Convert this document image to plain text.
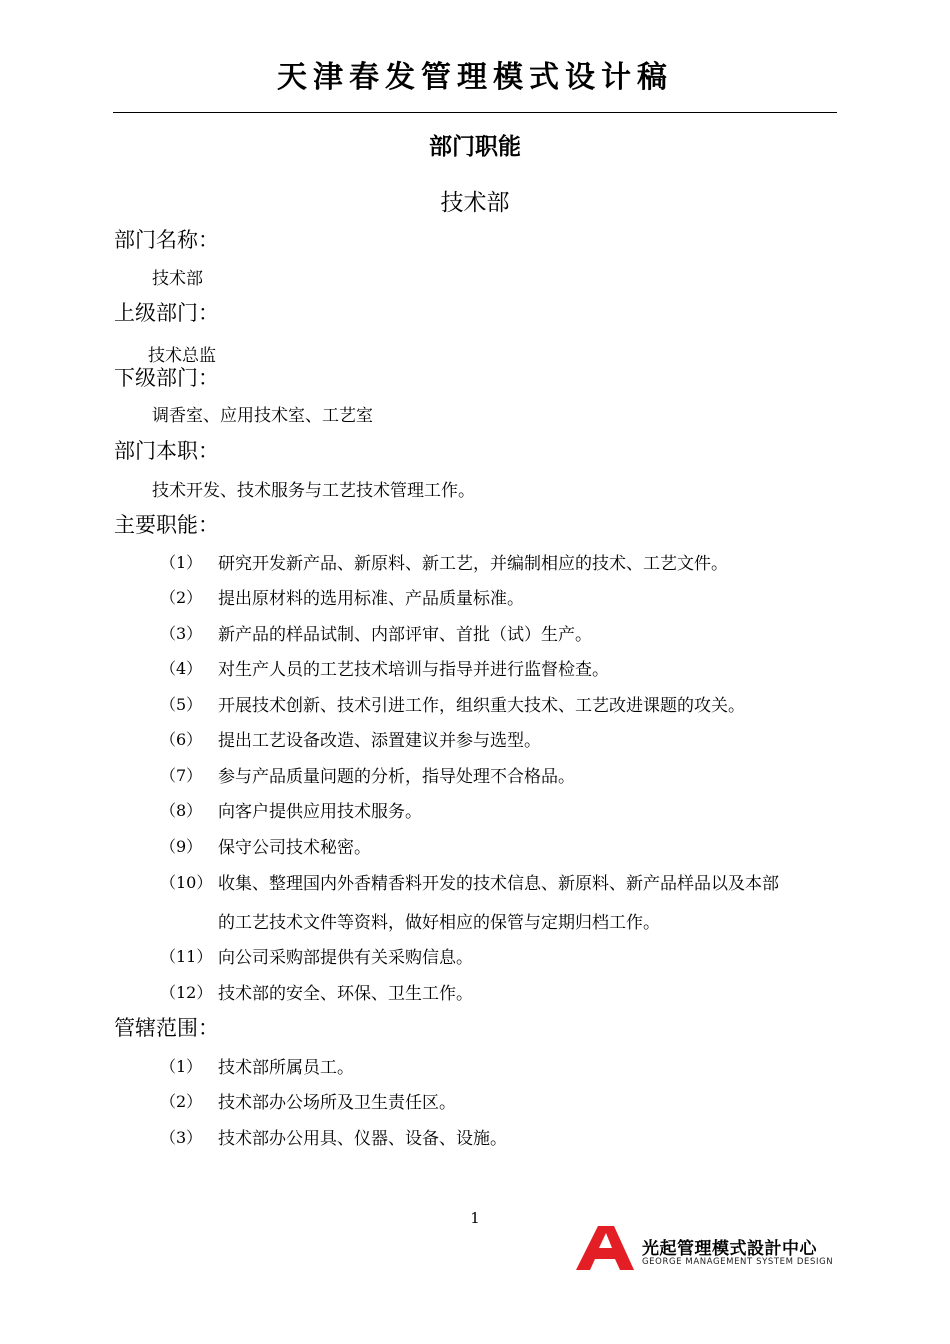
天津春发管理模式设计稿
部门职能
技术部
部门名称：
技术部
上级部门：
技术总监
下级部门：
调香室、应用技术室、工艺室
部门本职：
技术开发、技术服务与工艺技术管理工作。
主要职能：
（1） 研究开发新产品、新原料、新工艺，并编制相应的技术、工艺文件。
（2） 提出原材料的选用标准、产品质量标准。
（3） 新产品的样品试制、内部评审、首批（试）生产。
（4） 对生产人员的工艺技术培训与指导并进行监督检查。
（5） 开展技术创新、技术引进工作，组织重大技术、工艺改进课题的攻关。
（6） 提出工艺设备改造、添置建议并参与选型。
（7） 参与产品质量问题的分析，指导处理不合格品。
（8） 向客户提供应用技术服务。
（9） 保守公司技术秘密。
（10） 收集、整理国内外香精香料开发的技术信息、新原料、新产品样品以及本部
的工艺技术文件等资料，做好相应的保管与定期归档工作。
（11） 向公司采购部提供有关采购信息。
（12） 技术部的安全、环保、卫生工作。
管辖范围：
（1） 技术部所属员工。
（2） 技术部办公场所及卫生责任区。
（3） 技术部办公用具、仪器、设备、设施。
1
光起管理模式設計中心
GEORGE MANAGEMENT SYSTEM DESIGN
